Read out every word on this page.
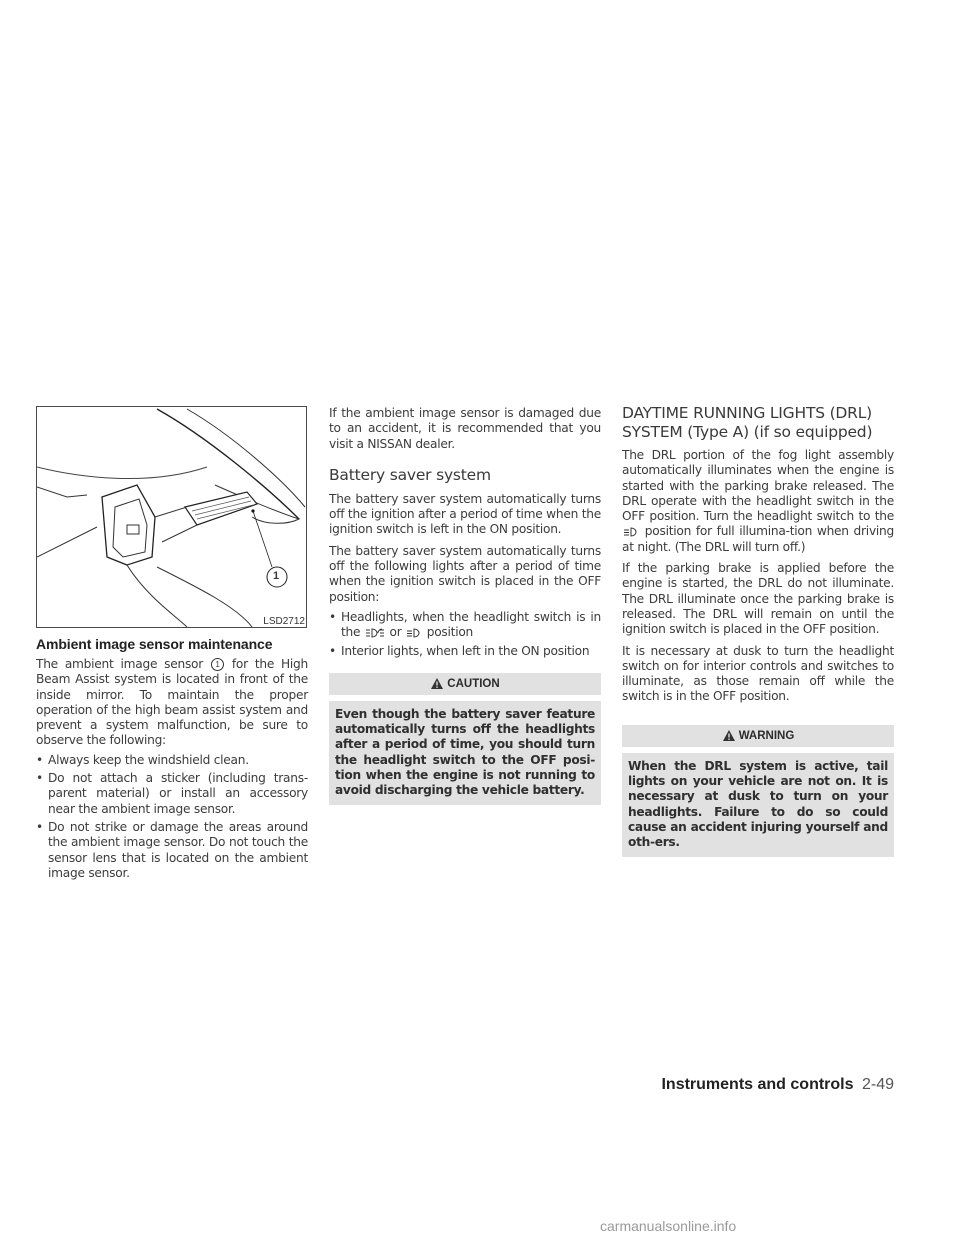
1
LSD2712
Ambient image sensor maintenance

The ambient image sensor 1 for the High Beam Assist system is located in front of the inside mirror. To maintain the proper operation of the high beam assist system and prevent a system malfunction, be sure to observe the following:

• Always keep the windshield clean.
• Do not attach a sticker (including trans-parent material) or install an accessory near the ambient image sensor.
• Do not strike or damage the areas around the ambient image sensor. Do not touch the sensor lens that is located on the ambient image sensor.

If the ambient image sensor is damaged due to an accident, it is recommended that you visit a NISSAN dealer.

Battery saver system

The battery saver system automatically turns off the ignition after a period of time when the ignition switch is left in the ON position.

The battery saver system automatically turns off the following lights after a period of time when the ignition switch is placed in the OFF position:

• Headlights, when the headlight switch is in the or position
• Interior lights, when left in the ON position
CAUTION
Even though the battery saver feature automatically turns off the headlights after a period of time, you should turn the headlight switch to the OFF posi-tion when the engine is not running to avoid discharging the vehicle battery.
DAYTIME RUNNING LIGHTS (DRL)
SYSTEM (Type A) (if so equipped)

The DRL portion of the fog light assembly automatically illuminates when the engine is started with the parking brake released. The DRL operate with the headlight switch in the OFF position. Turn the headlight switch to the  position for full illumina-tion when driving at night. (The DRL will turn off.)

If the parking brake is applied before the engine is started, the DRL do not illuminate. The DRL illuminate once the parking brake is released. The DRL will remain on until the ignition switch is placed in the OFF position.

It is necessary at dusk to turn the headlight switch on for interior controls and switches to illuminate, as those remain off while the switch is in the OFF position.

WARNING
When the DRL system is active, tail lights on your vehicle are not on. It is necessary at dusk to turn on your headlights. Failure to do so could cause an accident injuring yourself and oth-ers.
Instruments and controls 2-49
carmanualsonline.info
